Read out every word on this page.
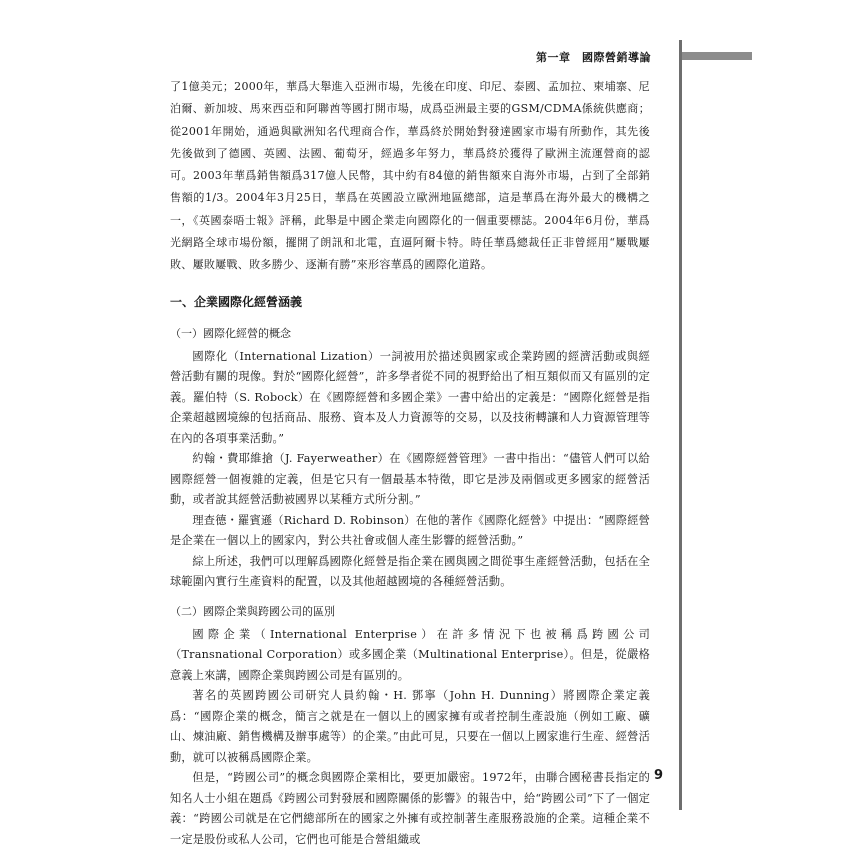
第一章　國際營銷導論

了1億美元；2000年，華爲大舉進入亞洲市場，先後在印度、印尼、泰國、孟加拉、柬埔寨、尼泊爾、新加坡、馬來西亞和阿聯酋等國打開市場，成爲亞洲最主要的GSM/CDMA係統供應商；從2001年開始，通過與歐洲知名代理商合作，華爲終於開始對發達國家市場有所動作，其先後先後做到了德國、英國、法國、葡萄牙，經過多年努力，華爲終於獲得了歐洲主流運營商的認可。2003年華爲銷售額爲317億人民幣，其中約有84億的銷售額來自海外市場，占到了全部銷售額的1/3。2004年3月25日，華爲在英國設立歐洲地區總部，這是華爲在海外最大的機構之一，《英國泰晤士報》評稱，此舉是中國企業走向國際化的一個重要標誌。2004年6月份，華爲光網路全球市場份額，擺開了朗訊和北電，直逼阿爾卡特。時任華爲總裁任正非曾經用“屢戰屢敗、屢敗屢戰、敗多勝少、逐漸有勝”來形容華爲的國際化道路。

一、企業國際化經營涵義
（一）國際化經營的概念

國際化（International Lization）一詞被用於描述與國家或企業跨國的經濟活動或與經營活動有關的現像。對於“國際化經營”，許多學者從不同的視野給出了相互類似而又有區別的定義。羅伯特（S. Robock）在《國際經營和多國企業》一書中給出的定義是：“國際化經營是指企業超越國境線的包括商品、服務、資本及人力資源等的交易，以及技術轉讓和人力資源管理等在內的各項事業活動。”

約翰・費耶維搶（J. Fayerweather）在《國際經營管理》一書中指出：“儘管人們可以給國際經營一個複雜的定義，但是它只有一個最基本特徵，即它是涉及兩個或更多國家的經營活動，或者說其經營活動被國界以某種方式所分割。”

理查德・羅賓遜（Richard D. Robinson）在他的著作《國際化經營》中提出：“國際經營是企業在一個以上的國家內，對公共社會或個人產生影響的經營活動。”

綜上所述，我們可以理解爲國際化經營是指企業在國與國之間從事生產經營活動，包括在全球範圍內實行生產資料的配置，以及其他超越國境的各種經營活動。

（二）國際企業與跨國公司的區別

國際企業（International Enterprise）在許多情況下也被稱爲跨國公司（Transnational Corporation）或多國企業（Multinational Enterprise）。但是，從嚴格意義上來講，國際企業與跨國公司是有區別的。

著名的英國跨國公司研究人員約翰・H. 鄧寧（John H. Dunning）將國際企業定義爲：“國際企業的概念，簡言之就是在一個以上的國家擁有或者控制生產設施（例如工廠、礦山、煉油廠、銷售機構及辦事處等）的企業。”由此可見，只要在一個以上國家進行生産、經營活動，就可以被稱爲國際企業。

但是，“跨國公司”的概念與國際企業相比，要更加嚴密。1972年，由聯合國秘書長指定的知名人士小組在題爲《跨國公司對發展和國際關係的影響》的報告中，給“跨國公司”下了一個定義：“跨國公司就是在它們總部所在的國家之外擁有或控制著生產服務設施的企業。這種企業不一定是股份或私人公司，它們也可能是合營組織或

9
